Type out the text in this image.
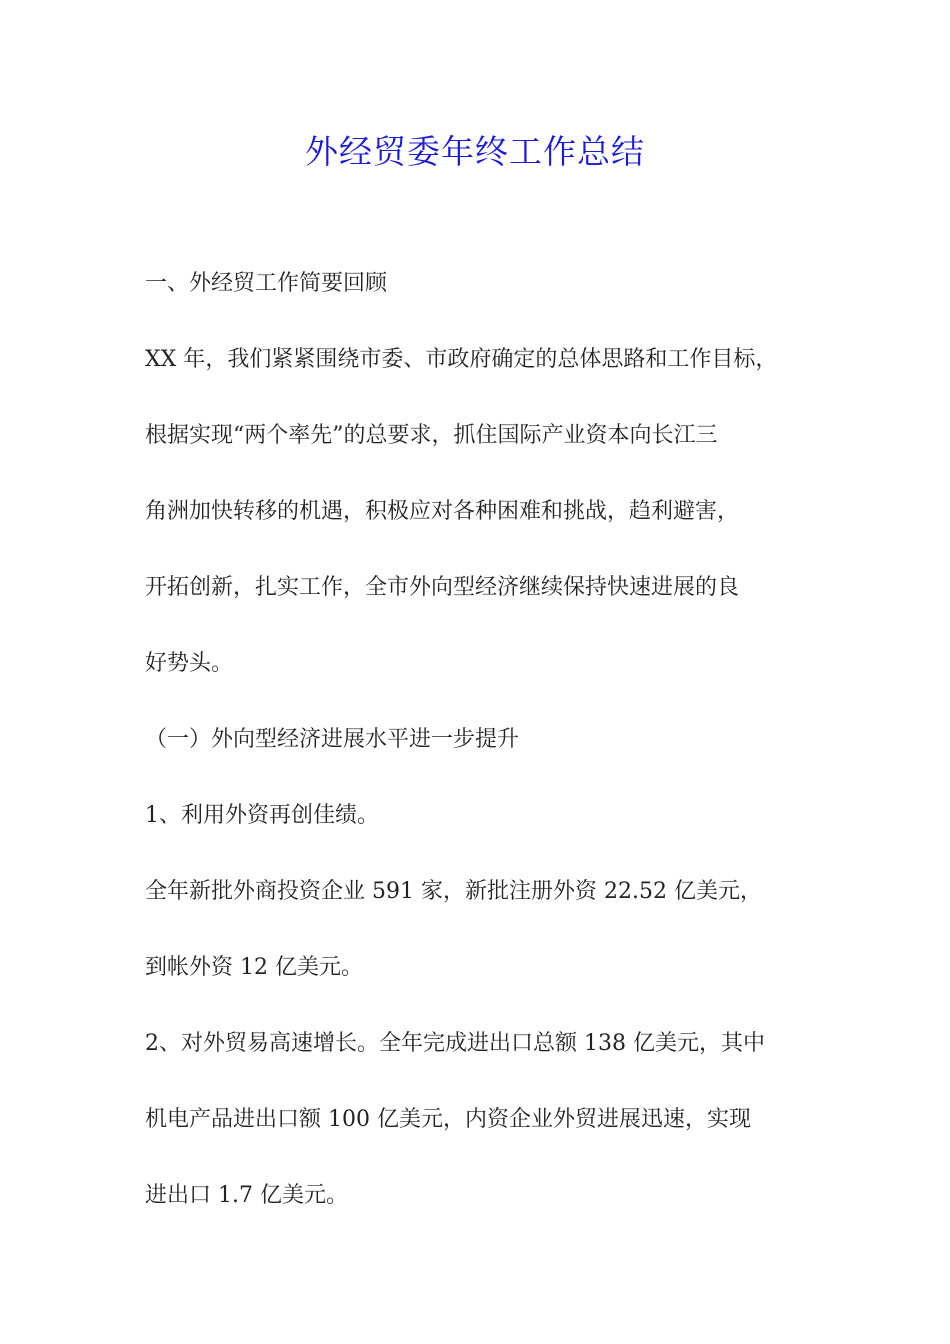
外经贸委年终工作总结
一、外经贸工作简要回顾
XX 年，我们紧紧围绕市委、市政府确定的总体思路和工作目标，
根据实现“两个率先”的总要求，抓住国际产业资本向长江三
角洲加快转移的机遇，积极应对各种困难和挑战，趋利避害，
开拓创新，扎实工作，全市外向型经济继续保持快速进展的良
好势头。
（一）外向型经济进展水平进一步提升
1、利用外资再创佳绩。
全年新批外商投资企业 591 家，新批注册外资 22.52 亿美元，
到帐外资 12 亿美元。
2、对外贸易高速增长。全年完成进出口总额 138 亿美元，其中
机电产品进出口额 100 亿美元，内资企业外贸进展迅速，实现
进出口 1.7 亿美元。
